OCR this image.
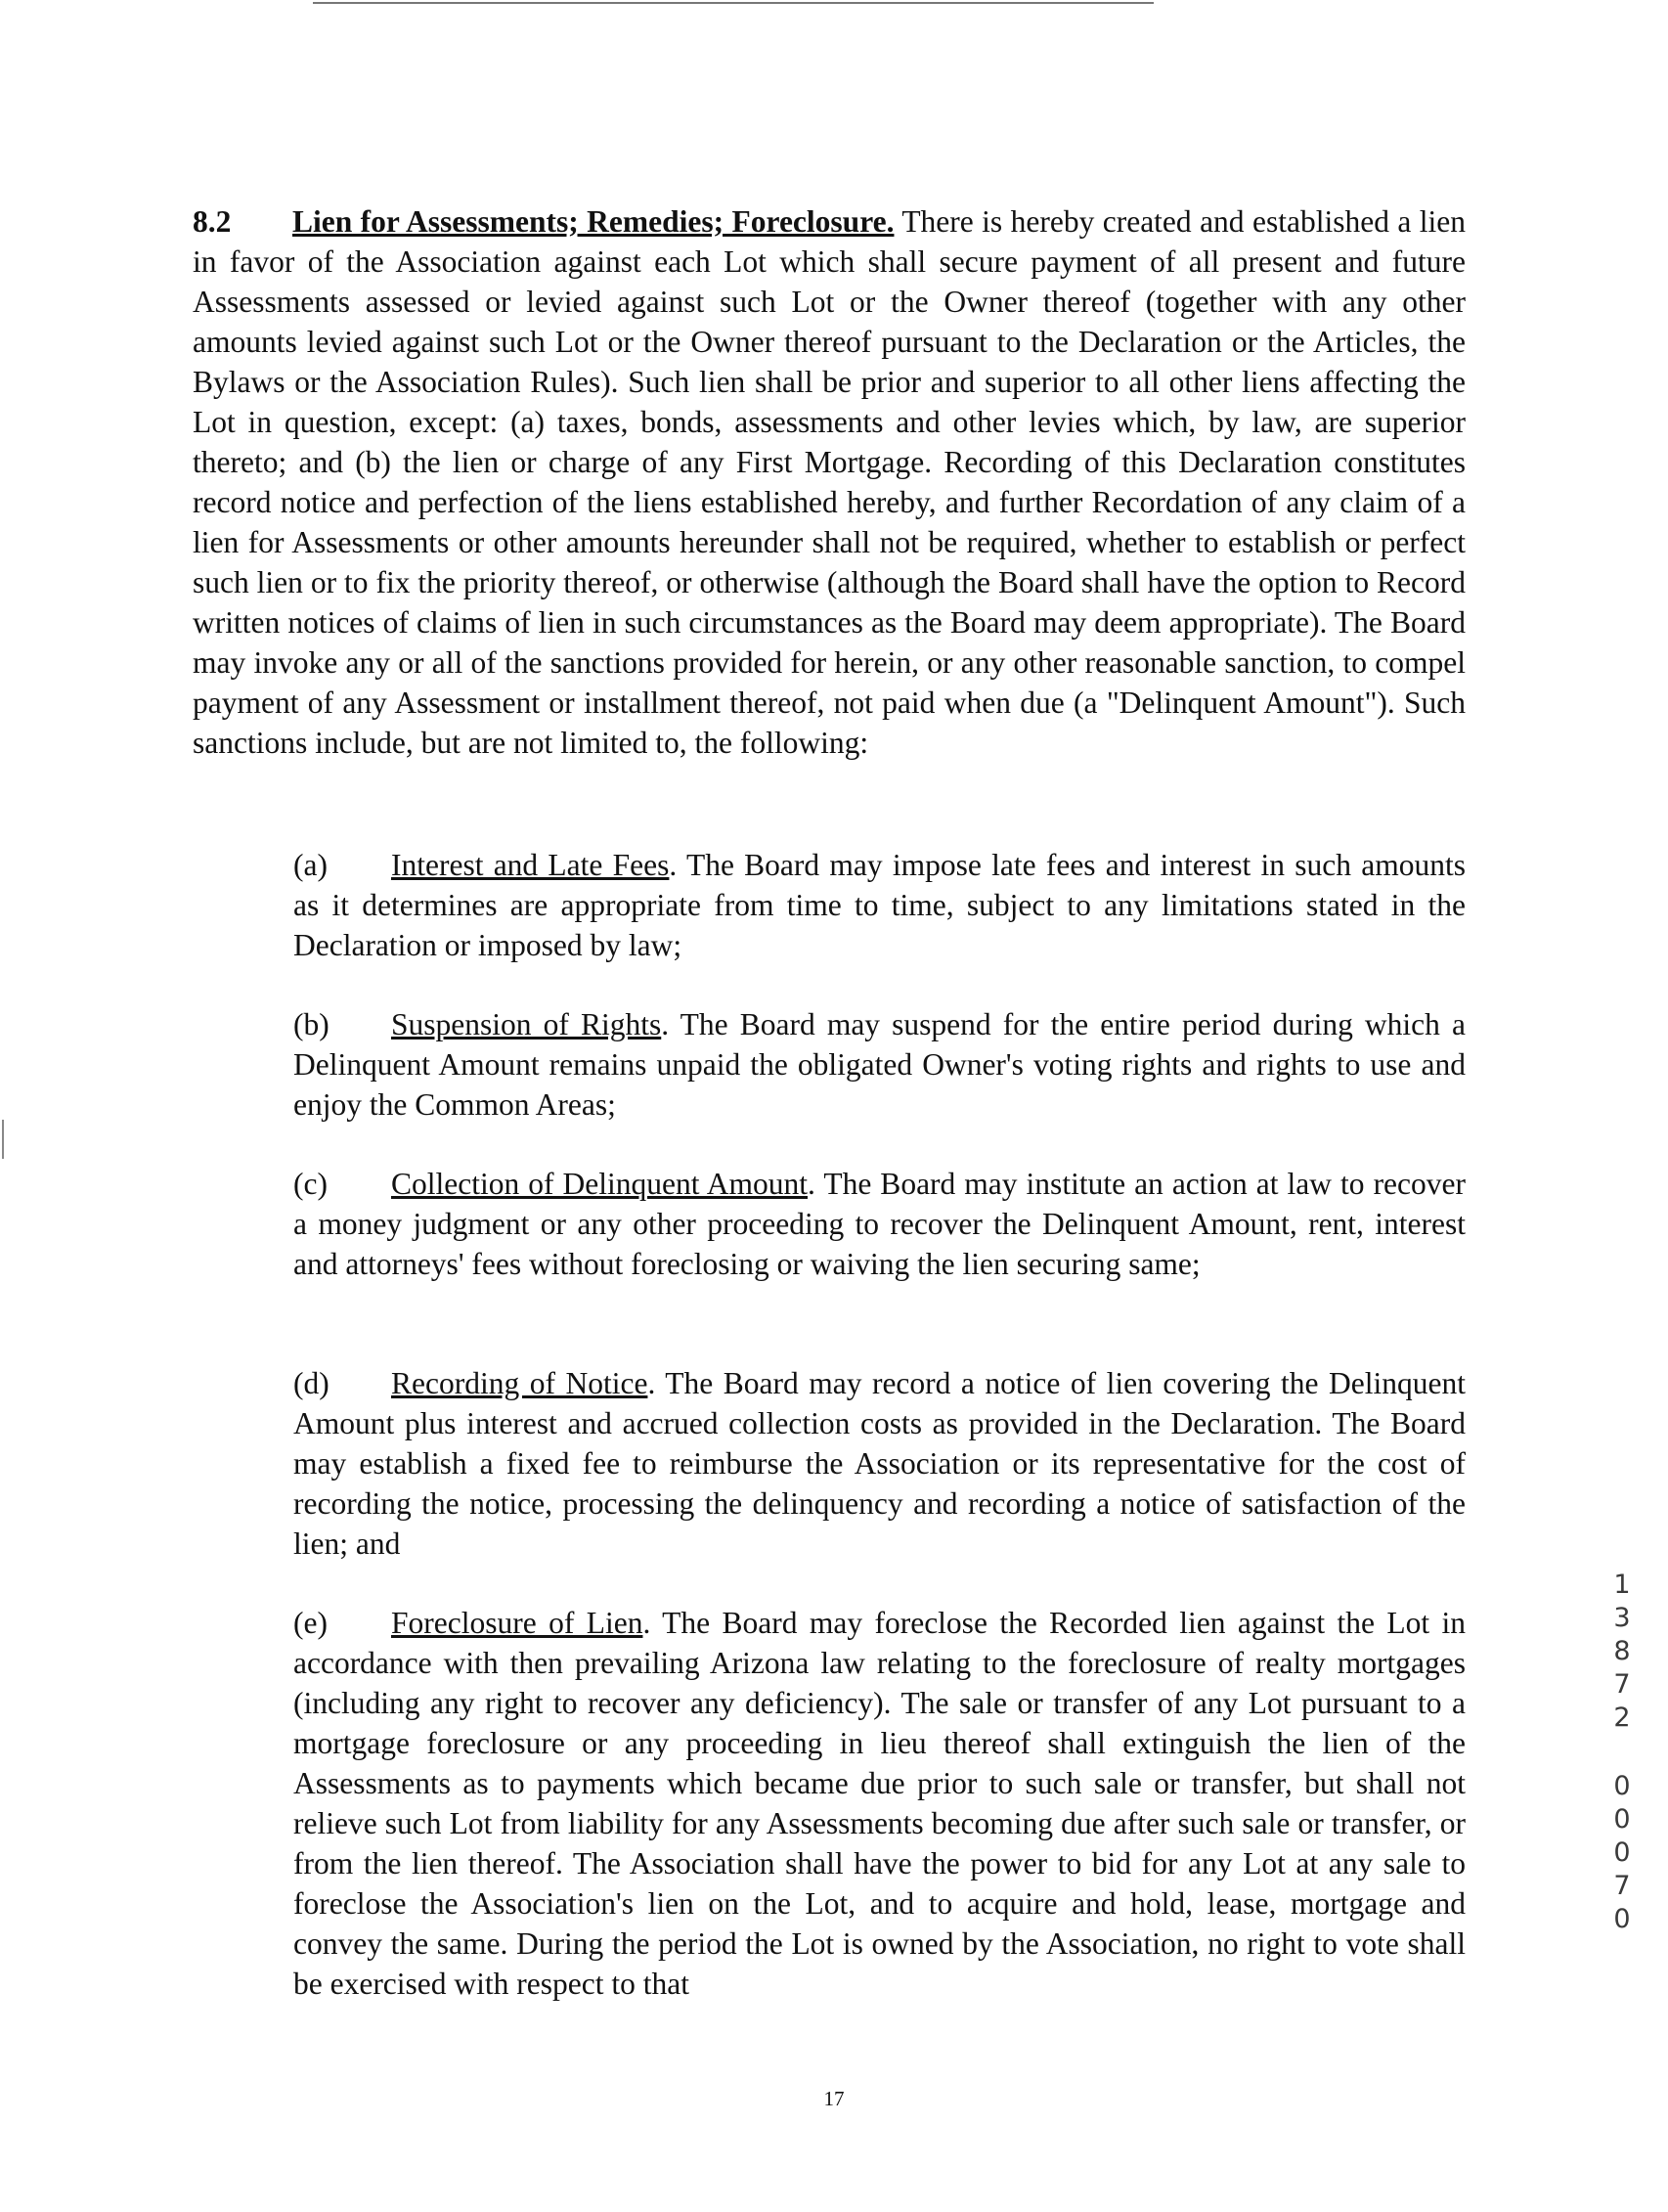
8.2 Lien for Assessments; Remedies; Foreclosure. There is hereby created and established a lien in favor of the Association against each Lot which shall secure payment of all present and future Assessments assessed or levied against such Lot or the Owner thereof (together with any other amounts levied against such Lot or the Owner thereof pursuant to the Declaration or the Articles, the Bylaws or the Association Rules). Such lien shall be prior and superior to all other liens affecting the Lot in question, except: (a) taxes, bonds, assessments and other levies which, by law, are superior thereto; and (b) the lien or charge of any First Mortgage. Recording of this Declaration constitutes record notice and perfection of the liens established hereby, and further Recordation of any claim of a lien for Assessments or other amounts hereunder shall not be required, whether to establish or perfect such lien or to fix the priority thereof, or otherwise (although the Board shall have the option to Record written notices of claims of lien in such circumstances as the Board may deem appropriate). The Board may invoke any or all of the sanctions provided for herein, or any other reasonable sanction, to compel payment of any Assessment or installment thereof, not paid when due (a "Delinquent Amount"). Such sanctions include, but are not limited to, the following:

(a) Interest and Late Fees. The Board may impose late fees and interest in such amounts as it determines are appropriate from time to time, subject to any limitations stated in the Declaration or imposed by law;

(b) Suspension of Rights. The Board may suspend for the entire period during which a Delinquent Amount remains unpaid the obligated Owner's voting rights and rights to use and enjoy the Common Areas;

(c) Collection of Delinquent Amount. The Board may institute an action at law to recover a money judgment or any other proceeding to recover the Delinquent Amount, rent, interest and attorneys' fees without foreclosing or waiving the lien securing same;

(d) Recording of Notice. The Board may record a notice of lien covering the Delinquent Amount plus interest and accrued collection costs as provided in the Declaration. The Board may establish a fixed fee to reimburse the Association or its representative for the cost of recording the notice, processing the delinquency and recording a notice of satisfaction of the lien; and

(e) Foreclosure of Lien. The Board may foreclose the Recorded lien against the Lot in accordance with then prevailing Arizona law relating to the foreclosure of realty mortgages (including any right to recover any deficiency). The sale or transfer of any Lot pursuant to a mortgage foreclosure or any proceeding in lieu thereof shall extinguish the lien of the Assessments as to payments which became due prior to such sale or transfer, but shall not relieve such Lot from liability for any Assessments becoming due after such sale or transfer, or from the lien thereof. The Association shall have the power to bid for any Lot at any sale to foreclose the Association's lien on the Lot, and to acquire and hold, lease, mortgage and convey the same. During the period the Lot is owned by the Association, no right to vote shall be exercised with respect to that

17
1
3
8
7
2
0
0
0
7
0
